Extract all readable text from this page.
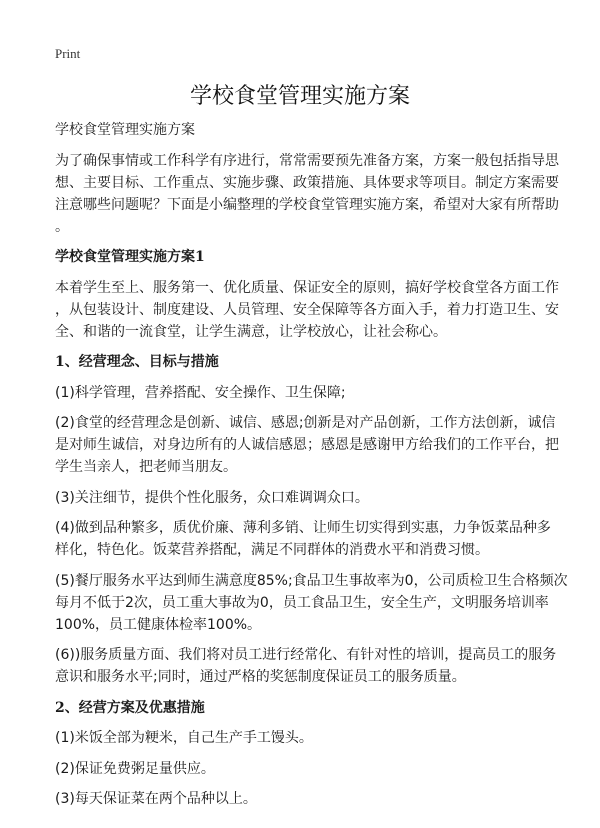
Print
学校食堂管理实施方案
学校食堂管理实施方案
为了确保事情或工作科学有序进行，常常需要预先准备方案，方案一般包括指导思
想、主要目标、工作重点、实施步骤、政策措施、具体要求等项目。制定方案需要
注意哪些问题呢？下面是小编整理的学校食堂管理实施方案，希望对大家有所帮助
。
学校食堂管理实施方案1
本着学生至上、服务第一、优化质量、保证安全的原则，搞好学校食堂各方面工作
，从包装设计、制度建设、人员管理、安全保障等各方面入手，着力打造卫生、安
全、和谐的一流食堂，让学生满意，让学校放心，让社会称心。
1、经营理念、目标与措施
(1)科学管理，营养搭配、安全操作、卫生保障;
(2)食堂的经营理念是创新、诚信、感恩;创新是对产品创新，工作方法创新，诚信
是对师生诚信，对身边所有的人诚信感恩；感恩是感谢甲方给我们的工作平台，把
学生当亲人，把老师当朋友。
(3)关注细节，提供个性化服务，众口难调调众口。
(4)做到品种繁多，质优价廉、薄利多销、让师生切实得到实惠，力争饭菜品种多
样化，特色化。饭菜营养搭配，满足不同群体的消费水平和消费习惯。
(5)餐厅服务水平达到师生满意度85%;食品卫生事故率为0，公司质检卫生合格频次
每月不低于2次，员工重大事故为0，员工食品卫生，安全生产，文明服务培训率
100%，员工健康体检率100%。
(6))服务质量方面、我们将对员工进行经常化、有针对性的培训，提高员工的服务
意识和服务水平;同时，通过严格的奖惩制度保证员工的服务质量。
2、经营方案及优惠措施
(1)米饭全部为粳米，自己生产手工馒头。
(2)保证免费粥足量供应。
(3)每天保证菜在两个品种以上。
